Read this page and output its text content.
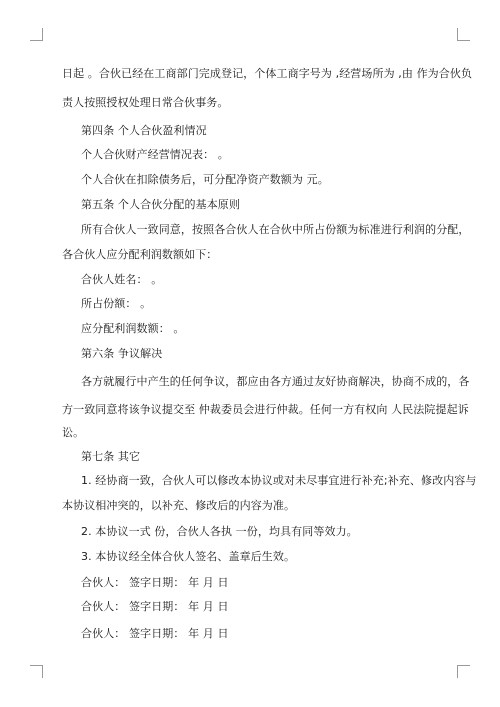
日起 。合伙已经在工商部门完成登记，个体工商字号为 ,经营场所为 ,由 作为合伙负
责人按照授权处理日常合伙事务。
第四条 个人合伙盈利情况
个人合伙财产经营情况表： 。
个人合伙在扣除债务后，可分配净资产数额为 元。
第五条 个人合伙分配的基本原则
所有合伙人一致同意，按照各合伙人在合伙中所占份额为标准进行利润的分配，
各合伙人应分配利润数额如下：
合伙人姓名： 。
所占份额： 。
应分配利润数额： 。
第六条 争议解决
各方就履行中产生的任何争议，都应由各方通过友好协商解决，协商不成的，各
方一致同意将该争议提交至 仲裁委员会进行仲裁。任何一方有权向 人民法院提起诉
讼。
第七条 其它
1. 经协商一致，合伙人可以修改本协议或对未尽事宜进行补充;补充、修改内容与
本协议相冲突的，以补充、修改后的内容为准。
2. 本协议一式 份，合伙人各执 一份，均具有同等效力。
3. 本协议经全体合伙人签名、盖章后生效。
合伙人： 签字日期： 年 月 日
合伙人： 签字日期： 年 月 日
合伙人： 签字日期： 年 月 日
